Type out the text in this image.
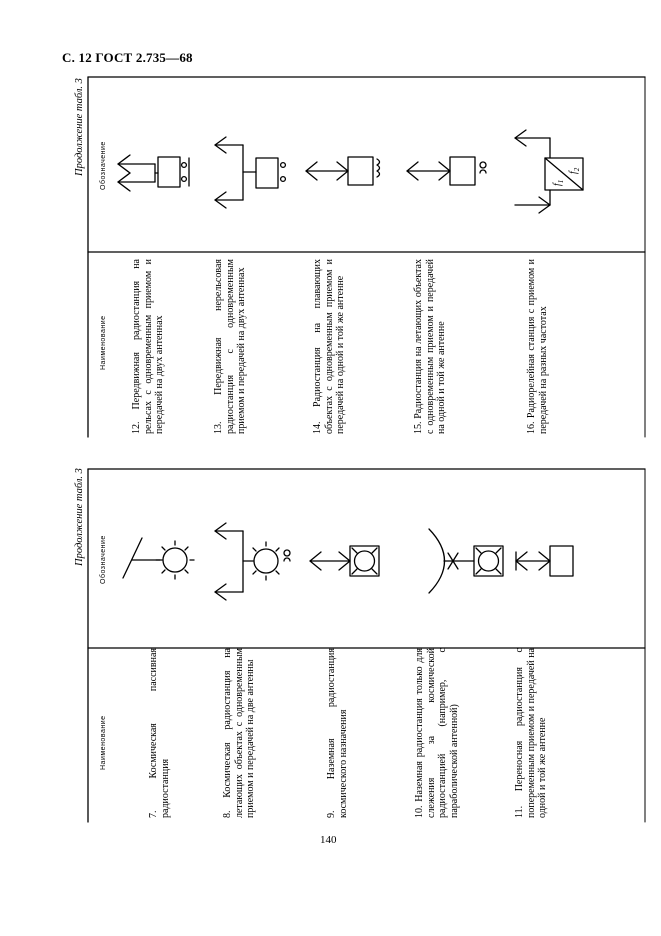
С. 12 ГОСТ 2.735—68
$f_1$
$f_2$
Продолжение табл. 3 Обозначение
Наименование 12. Передвижная радиостанция на рельсах с одновременным приемом и передачей на двух антеннах	13. Передвижная нерельсовая радиостанция с одновременным приемом и передачей на двух антеннах	14. Радиостанция на плавающих объектах с одновременным приемом и передачей на одной и той же антенне	15. Радиостанция на летающих объектах с одновременным приемом и передачей на одной и той же антенне	16. Радиорелейная станция с приемом и передачей на разных частотах
Продолжение табл. 3 Обозначение
Наименование	7. Космическая пассивная радиостанция	8. Космическая радиостанция на летающих объектах с одновременным приемом и передачей на две антенны	9. Наземная радиостанция космического назначения	10. Наземная радиостанция только для слежения за космической радиостанцией (например, с параболической антенной)	11. Переносная радиостанция с попеременным приемом и передачей на одной и той же антенне
140
